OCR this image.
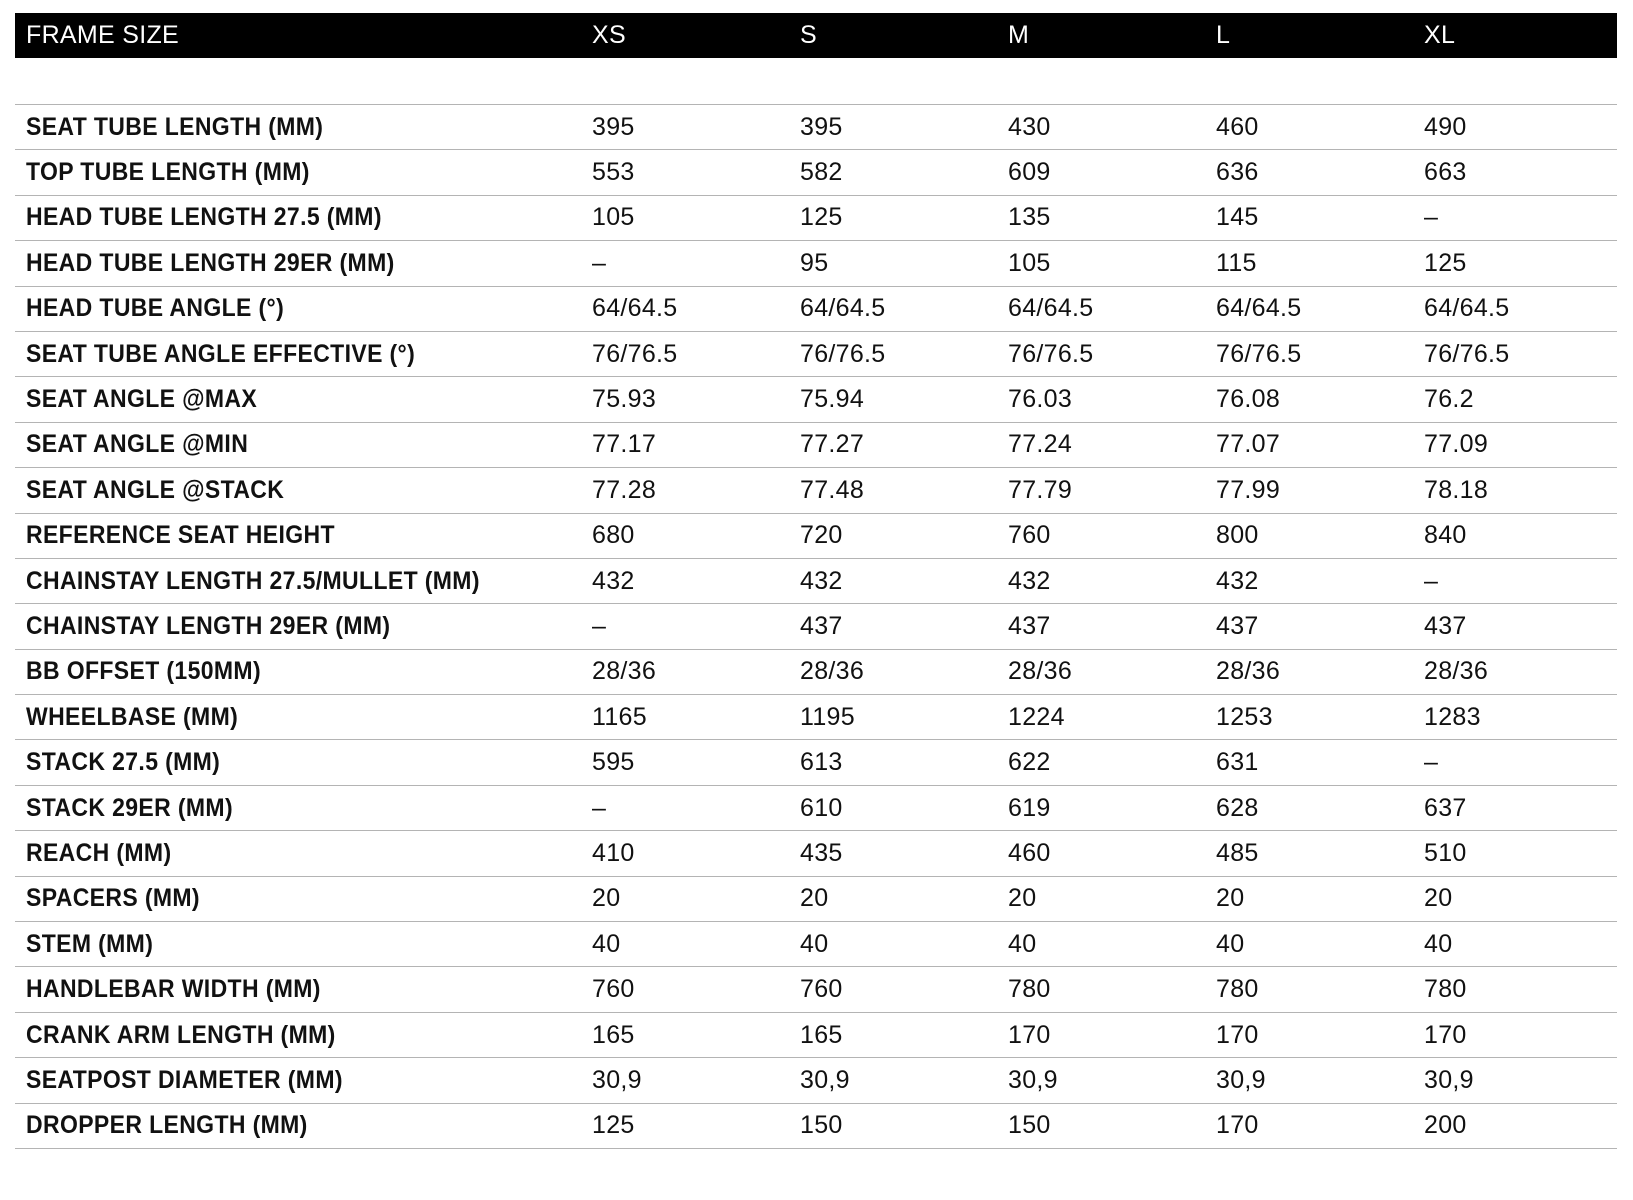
FRAME SIZE	XS	S	M	L	XL
SEAT TUBE LENGTH (MM)	395	395	430	460	490
TOP TUBE LENGTH (MM)	553	582	609	636	663
HEAD TUBE LENGTH 27.5 (MM)	105	125	135	145	–
HEAD TUBE LENGTH 29ER (MM)	–	95	105	115	125
HEAD TUBE ANGLE (°)	64/64.5	64/64.5	64/64.5	64/64.5	64/64.5
SEAT TUBE ANGLE EFFECTIVE (°)	76/76.5	76/76.5	76/76.5	76/76.5	76/76.5
SEAT ANGLE @MAX	75.93	75.94	76.03	76.08	76.2
SEAT ANGLE @MIN	77.17	77.27	77.24	77.07	77.09
SEAT ANGLE @STACK	77.28	77.48	77.79	77.99	78.18
REFERENCE SEAT HEIGHT	680	720	760	800	840
CHAINSTAY LENGTH 27.5/MULLET (MM)	432	432	432	432	–
CHAINSTAY LENGTH 29ER (MM)	–	437	437	437	437
BB OFFSET (150MM)	28/36	28/36	28/36	28/36	28/36
WHEELBASE (MM)	1165	1195	1224	1253	1283
STACK 27.5 (MM)	595	613	622	631	–
STACK 29ER (MM)	–	610	619	628	637
REACH (MM)	410	435	460	485	510
SPACERS (MM)	20	20	20	20	20
STEM (MM)	40	40	40	40	40
HANDLEBAR WIDTH (MM)	760	760	780	780	780
CRANK ARM LENGTH (MM)	165	165	170	170	170
SEATPOST DIAMETER (MM)	30,9	30,9	30,9	30,9	30,9
DROPPER LENGTH (MM)	125	150	150	170	200
